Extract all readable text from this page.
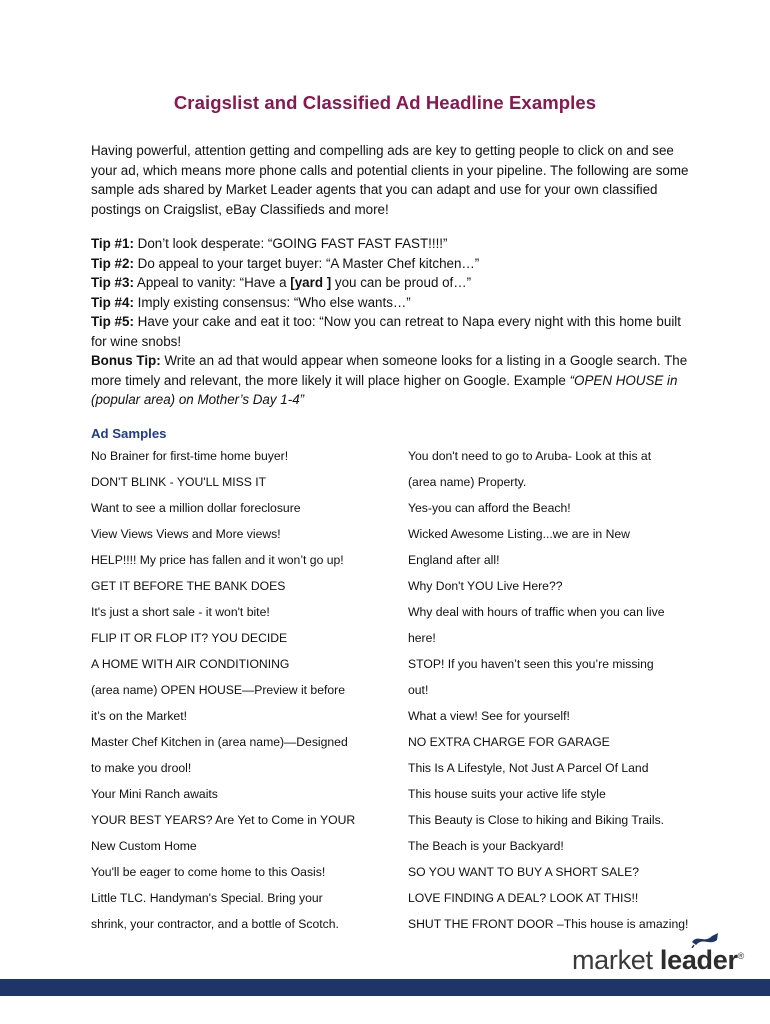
Craigslist and Classified Ad Headline Examples

Having powerful, attention getting and compelling ads are key to getting people to click on and see your ad, which means more phone calls and potential clients in your pipeline. The following are some sample ads shared by Market Leader agents that you can adapt and use for your own classified postings on Craigslist, eBay Classifieds and more!

Tip #1: Don’t look desperate: “GOING FAST FAST FAST!!!!”
Tip #2: Do appeal to your target buyer: “A Master Chef kitchen…”
Tip #3: Appeal to vanity: “Have a [yard ] you can be proud of…”
Tip #4: Imply existing consensus: “Who else wants…”
Tip #5: Have your cake and eat it too: “Now you can retreat to Napa every night with this home built for wine snobs!
Bonus Tip: Write an ad that would appear when someone looks for a listing in a Google search. The more timely and relevant, the more likely it will place higher on Google. Example “OPEN HOUSE in (popular area) on Mother’s Day 1-4”
Ad Samples
No Brainer for first-time home buyer!
DON'T BLINK - YOU'LL MISS IT
Want to see a million dollar foreclosure
View Views Views and More views!
HELP!!!! My price has fallen and it won’t go up!
GET IT BEFORE THE BANK DOES
It's just a short sale - it won't bite!
FLIP IT OR FLOP IT? YOU DECIDE
A HOME WITH AIR CONDITIONING
(area name) OPEN HOUSE—Preview it before
it’s on the Market!
Master Chef Kitchen in (area name)—Designed
to make you drool!
Your Mini Ranch awaits
YOUR BEST YEARS? Are Yet to Come in YOUR
New Custom Home
You'll be eager to come home to this Oasis!
Little TLC. Handyman's Special. Bring your
shrink, your contractor, and a bottle of Scotch.
You don't need to go to Aruba- Look at this at
(area name) Property.
Yes-you can afford the Beach!
Wicked Awesome Listing...we are in New
England after all!
Why Don't YOU Live Here??
Why deal with hours of traffic when you can live
here!
STOP! If you haven’t seen this you’re missing
out!
What a view! See for yourself!
NO EXTRA CHARGE FOR GARAGE
This Is A Lifestyle, Not Just A Parcel Of Land
This house suits your active life style
This Beauty is Close to hiking and Biking Trails.
The Beach is your Backyard!
SO YOU WANT TO BUY A SHORT SALE?
LOVE FINDING A DEAL? LOOK AT THIS!!
SHUT THE FRONT DOOR –This house is amazing!
market leader®
